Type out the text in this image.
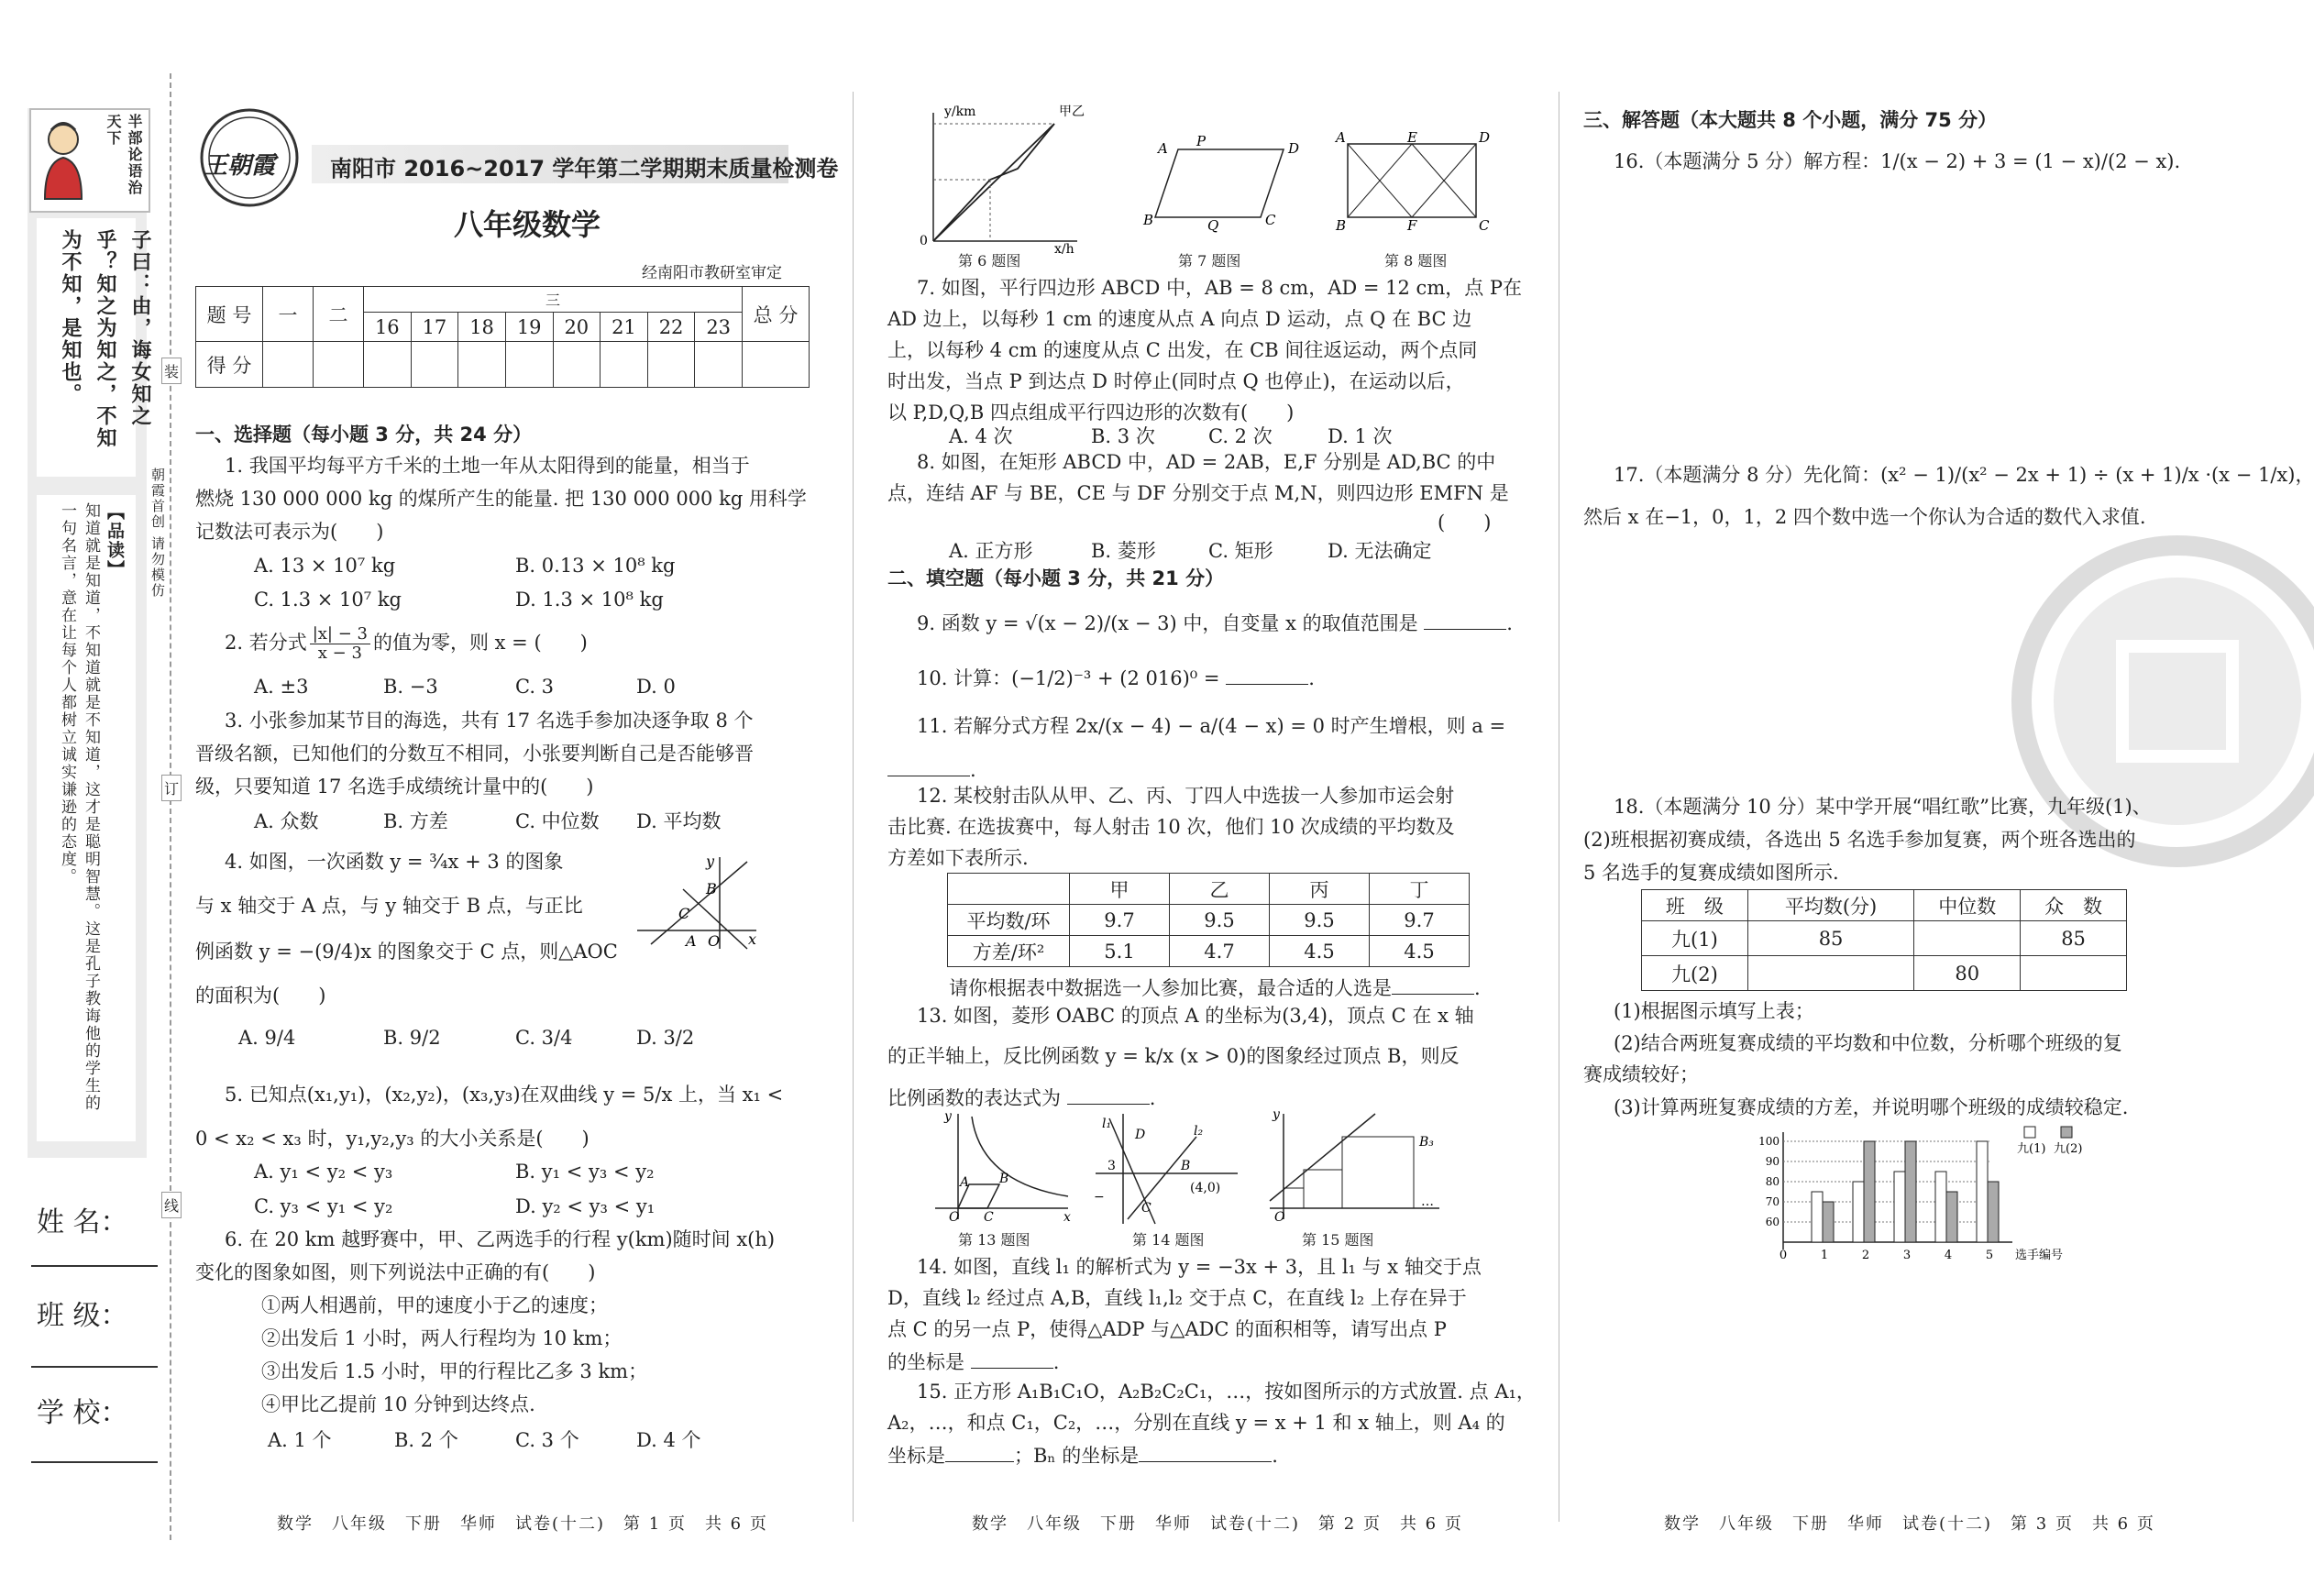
半部论语治天下
子曰：由，诲女知之乎？知之为知之，不知为不知，是知也。
【品读】
知道就是知道，不知道就是不知道，这才是聪明智慧。这是孔子教诲他的学生的一句名言，意在让每个人都树立诚实谦逊的态度。	朝霞首创 请勿模仿
装
订
线
姓 名：
班 级：
学 校：
王朝霞 南阳市 2016~2017 学年第二学期期末质量检测卷
八年级数学
经南阳市教研室审定
题 号	一	二	三								总 分
			16	17	18	19	20	21	22	23	
得 分											
一、选择题（每小题 3 分，共 24 分）
1. 我国平均每平方千米的土地一年从太阳得到的能量，相当于
燃烧 130 000 000 kg 的煤所产生的能量. 把 130 000 000 kg 用科学
记数法可表示为(　　)
A. 13 × 10⁷ kg	B. 0.13 × 10⁸ kg
C. 1.3 × 10⁷ kg	D. 1.3 × 10⁸ kg
2. 若分式 $\frac{|x| - 3}{x - 3}$ 的值为零，则 x = (　　)
A. ±3	B. −3	C. 3	D. 0
3. 小张参加某节目的海选，共有 17 名选手参加决逐争取 8 个
晋级名额，已知他们的分数互不相同，小张要判断自己是否能够晋
级，只要知道 17 名选手成绩统计量中的(　　)
A. 众数	B. 方差	C. 中位数 D. 平均数
4. 如图，一次函数 y = ¾x + 3 的图象
与 x 轴交于 A 点，与 y 轴交于 B 点，与正比
例函数 y = −(9/4)x 的图象交于 C 点，则△AOC
的面积为(　　)
A
B
C
O x
y
A. 9/4	B. 9/2	C. 3/4	D. 3/2
5. 已知点(x₁,y₁)，(x₂,y₂)，(x₃,y₃)在双曲线 y = 5/x 上，当 x₁ <
0 < x₂ < x₃ 时，y₁,y₂,y₃ 的大小关系是(　　)
A. y₁ < y₂ < y₃	B. y₁ < y₃ < y₂
C. y₃ < y₁ < y₂	D. y₂ < y₃ < y₁
6. 在 20 km 越野赛中，甲、乙两选手的行程 y(km)随时间 x(h)
变化的图象如图，则下列说法中正确的有(　　)
①两人相遇前，甲的速度小于乙的速度；
②出发后 1 小时，两人行程均为 10 km；
③出发后 1.5 小时，甲的行程比乙多 3 km；
④甲比乙提前 10 分钟到达终点.
A. 1 个	B. 2 个	C. 3 个	D. 4 个
数学　八年级　下册　华师　试卷(十二)　第 1 页　共 6 页
0
y/km	甲乙
x/h
A P	D
B	Q	C
A	E	D
B	F	C
第 6 题图	第 7 题图	第 8 题图
7. 如图，平行四边形 ABCD 中，AB = 8 cm，AD = 12 cm，点 P在
AD 边上，以每秒 1 cm 的速度从点 A 向点 D 运动，点 Q 在 BC 边
上，以每秒 4 cm 的速度从点 C 出发，在 CB 间往返运动，两个点同
时出发，当点 P 到达点 D 时停止(同时点 Q 也停止)，在运动以后，
以 P,D,Q,B 四点组成平行四边形的次数有(　　)
A. 4 次	B. 3 次	C. 2 次	D. 1 次
8. 如图，在矩形 ABCD 中，AD = 2AB，E,F 分别是 AD,BC 的中
点，连结 AF 与 BE，CE 与 DF 分别交于点 M,N，则四边形 EMFN 是
(　　)
A. 正方形	B. 菱形	C. 矩形	D. 无法确定
二、填空题（每小题 3 分，共 21 分）
9. 函数 y = √(x − 2)/(x − 3) 中，自变量 x 的取值范围是	.
10. 计算：(−1/2)⁻³ + (2 016)⁰ =	.
11. 若解分式方程 2x/(x − 4) − a/(4 − x) = 0 时产生增根，则 a =
.
12. 某校射击队从甲、乙、丙、丁四人中选拔一人参加市运会射
击比赛. 在选拔赛中，每人射击 10 次，他们 10 次成绩的平均数及
方差如下表所示.
	甲	乙	丙	丁
平均数/环	9.7	9.5	9.5	9.7
方差/环²	5.1	4.7	4.5	4.5
请你根据表中数据选一人参加比赛，最合适的人选是	.
13. 如图，菱形 OABC 的顶点 A 的坐标为(3,4)，顶点 C 在 x 轴
的正半轴上，反比例函数 y = k/x (x > 0)的图象经过顶点 B，则反
比例函数的表达式为	.
O C
A B
x
y	l₁	l₂
D
B
(4,0)
C
3
−
B₃
…
O
y
第 13 题图	第 14 题图	第 15 题图
14. 如图，直线 l₁ 的解析式为 y = −3x + 3，且 l₁ 与 x 轴交于点
D，直线 l₂ 经过点 A,B，直线 l₁,l₂ 交于点 C，在直线 l₂ 上存在异于
点 C 的另一点 P，使得△ADP 与△ADC 的面积相等，请写出点 P
的坐标是	.
15. 正方形 A₁B₁C₁O，A₂B₂C₂C₁，…，按如图所示的方式放置. 点 A₁，
A₂，…，和点 C₁，C₂，…，分别在直线 y = x + 1 和 x 轴上，则 A₄ 的
坐标是	；Bₙ 的坐标是	.
数学　八年级　下册　华师　试卷(十二)　第 2 页　共 6 页
三、解答题（本大题共 8 个小题，满分 75 分）
16.（本题满分 5 分）解方程：1/(x − 2) + 3 = (1 − x)/(2 − x).
17.（本题满分 8 分）先化简：(x² − 1)/(x² − 2x + 1) ÷ (x + 1)/x ·(x − 1/x)，
然后 x 在−1，0，1，2 四个数中选一个你认为合适的数代入求值.
18.（本题满分 10 分）某中学开展“唱红歌”比赛，九年级(1)、
(2)班根据初赛成绩，各选出 5 名选手参加复赛，两个班各选出的
5 名选手的复赛成绩如图所示.
班　级	平均数(分)	中位数	众　数
九(1)	85		85
九(2)		80	
(1)根据图示填写上表；
(2)结合两班复赛成绩的平均数和中位数，分析哪个班级的复
赛成绩较好；
(3)计算两班复赛成绩的方差，并说明哪个班级的成绩较稳定.
60
70
80
90
100
0	1	2	3	4	5 选手编号
九(1) 九(2)
数学　八年级　下册　华师　试卷(十二)　第 3 页　共 6 页
